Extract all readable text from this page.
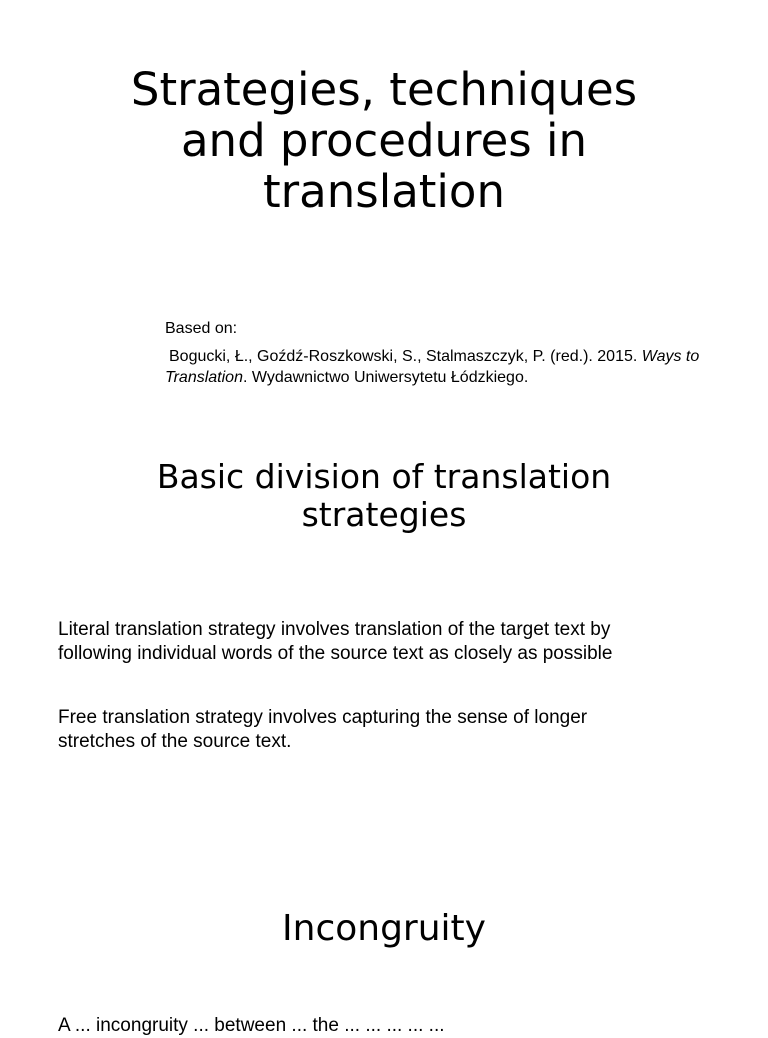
Strategies, techniques
and procedures in
translation
Based on:
Bogucki, Ł., Goźdź-Roszkowski, S., Stalmaszczyk, P. (red.). 2015. Ways to
Translation. Wydawnictwo Uniwersytetu Łódzkiego.
Basic division of translation
strategies

Literal translation strategy involves translation of the target text by
following individual words of the source text as closely as possible

Free translation strategy involves capturing the sense of longer
stretches of the source text.

Incongruity

A ... incongruity ... between ... the ... ... ... ... ...
